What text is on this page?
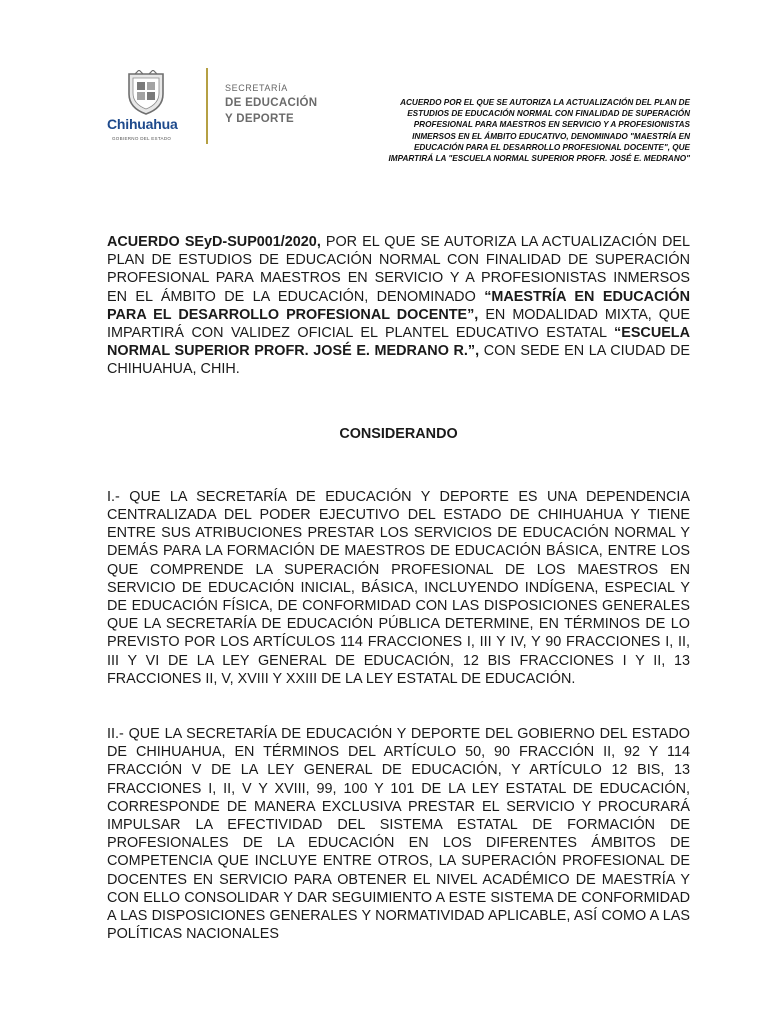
Chihuahua
GOBIERNO DEL ESTADO
SECRETARÍA
DE EDUCACIÓN
Y DEPORTE

ACUERDO POR EL QUE SE AUTORIZA LA ACTUALIZACIÓN DEL PLAN DE ESTUDIOS DE EDUCACIÓN NORMAL CON FINALIDAD DE SUPERACIÓN PROFESIONAL PARA MAESTROS EN SERVICIO Y A PROFESIONISTAS INMERSOS EN EL ÁMBITO EDUCATIVO, DENOMINADO "MAESTRÍA EN EDUCACIÓN PARA EL DESARROLLO PROFESIONAL DOCENTE", QUE IMPARTIRÁ LA "ESCUELA NORMAL SUPERIOR PROFR. JOSÉ E. MEDRANO"

ACUERDO SEyD-SUP001/2020, POR EL QUE SE AUTORIZA LA ACTUALIZACIÓN DEL PLAN DE ESTUDIOS DE EDUCACIÓN NORMAL CON FINALIDAD DE SUPERACIÓN PROFESIONAL PARA MAESTROS EN SERVICIO Y A PROFESIONISTAS INMERSOS EN EL ÁMBITO DE LA EDUCACIÓN, DENOMINADO “MAESTRÍA EN EDUCACIÓN PARA EL DESARROLLO PROFESIONAL DOCENTE”, EN MODALIDAD MIXTA, QUE IMPARTIRÁ CON VALIDEZ OFICIAL EL PLANTEL EDUCATIVO ESTATAL “ESCUELA NORMAL SUPERIOR PROFR. JOSÉ E. MEDRANO R.”, CON SEDE EN LA CIUDAD DE CHIHUAHUA, CHIH.

CONSIDERANDO

I.- QUE LA SECRETARÍA DE EDUCACIÓN Y DEPORTE ES UNA DEPENDENCIA CENTRALIZADA DEL PODER EJECUTIVO DEL ESTADO DE CHIHUAHUA Y TIENE ENTRE SUS ATRIBUCIONES PRESTAR LOS SERVICIOS DE EDUCACIÓN NORMAL Y DEMÁS PARA LA FORMACIÓN DE MAESTROS DE EDUCACIÓN BÁSICA, ENTRE LOS QUE COMPRENDE LA SUPERACIÓN PROFESIONAL DE LOS MAESTROS EN SERVICIO DE EDUCACIÓN INICIAL, BÁSICA, INCLUYENDO INDÍGENA, ESPECIAL Y DE EDUCACIÓN FÍSICA, DE CONFORMIDAD CON LAS DISPOSICIONES GENERALES QUE LA SECRETARÍA DE EDUCACIÓN PÚBLICA DETERMINE, EN TÉRMINOS DE LO PREVISTO POR LOS ARTÍCULOS 114 FRACCIONES I, III Y IV, Y 90 FRACCIONES I, II, III Y VI DE LA LEY GENERAL DE EDUCACIÓN, 12 BIS FRACCIONES I Y II, 13 FRACCIONES II, V, XVIII Y XXIII DE LA LEY ESTATAL DE EDUCACIÓN.

II.- QUE LA SECRETARÍA DE EDUCACIÓN Y DEPORTE DEL GOBIERNO DEL ESTADO DE CHIHUAHUA, EN TÉRMINOS DEL ARTÍCULO 50, 90 FRACCIÓN II, 92 Y 114 FRACCIÓN V DE LA LEY GENERAL DE EDUCACIÓN, Y ARTÍCULO 12 BIS, 13 FRACCIONES I, II, V Y XVIII, 99, 100 Y 101 DE LA LEY ESTATAL DE EDUCACIÓN, CORRESPONDE DE MANERA EXCLUSIVA PRESTAR EL SERVICIO Y PROCURARÁ IMPULSAR LA EFECTIVIDAD DEL SISTEMA ESTATAL DE FORMACIÓN DE PROFESIONALES DE LA EDUCACIÓN EN LOS DIFERENTES ÁMBITOS DE COMPETENCIA QUE INCLUYE ENTRE OTROS, LA SUPERACIÓN PROFESIONAL DE DOCENTES EN SERVICIO PARA OBTENER EL NIVEL ACADÉMICO DE MAESTRÍA Y CON ELLO CONSOLIDAR Y DAR SEGUIMIENTO A ESTE SISTEMA DE CONFORMIDAD A LAS DISPOSICIONES GENERALES Y NORMATIVIDAD APLICABLE, ASÍ COMO A LAS POLÍTICAS NACIONALES
